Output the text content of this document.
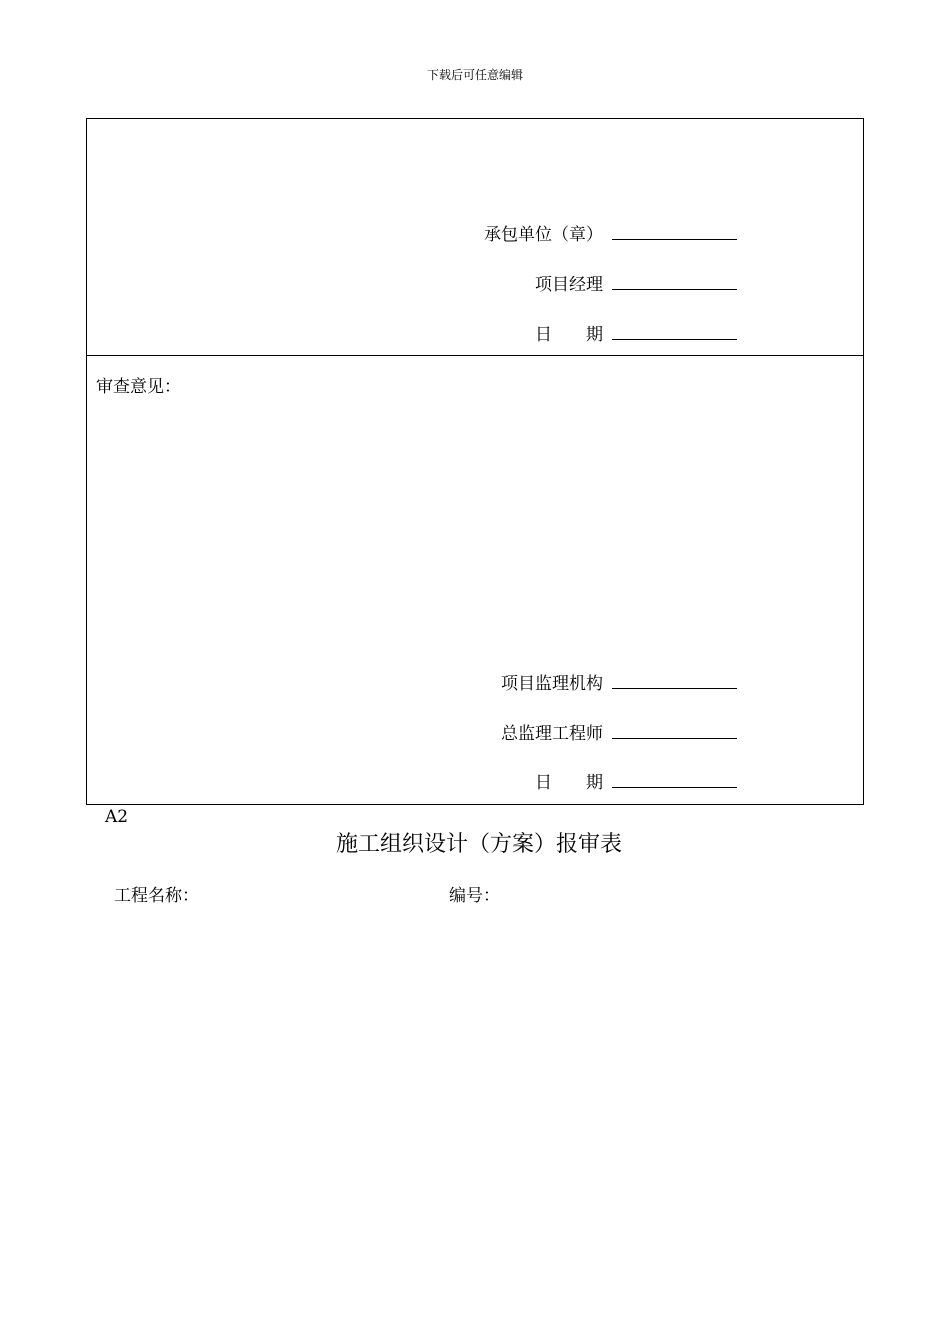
下载后可任意编辑
承包单位（章）
项目经理
日　　期
审查意见：
项目监理机构
总监理工程师
日　　期
A2
施工组织设计（方案）报审表
工程名称：	编号：
